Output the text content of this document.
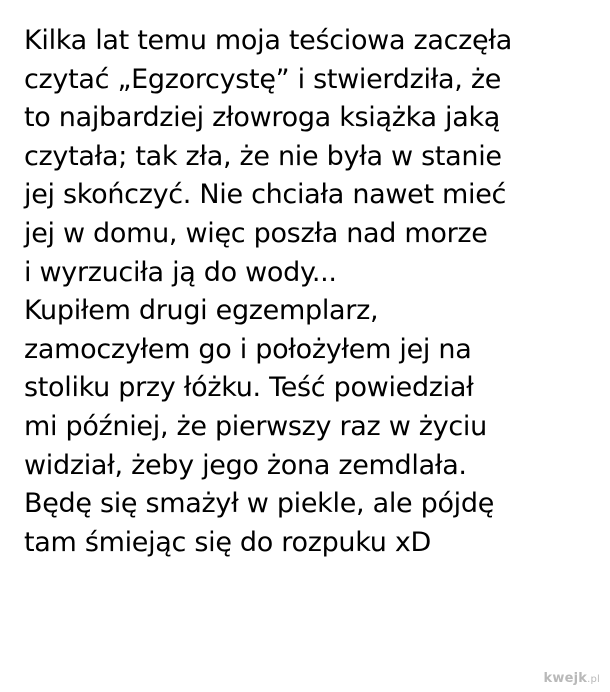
Kilka lat temu moja teściowa zaczęła
czytać „Egzorcystę” i stwierdziła, że
to najbardziej złowroga książka jaką
czytała; tak zła, że nie była w stanie
jej skończyć. Nie chciała nawet mieć
jej w domu, więc poszła nad morze
i wyrzuciła ją do wody...
Kupiłem drugi egzemplarz,
zamoczyłem go i położyłem jej na
stoliku przy łóżku. Teść powiedział
mi później, że pierwszy raz w życiu
widział, żeby jego żona zemdlała.
Będę się smażył w piekle, ale pójdę
tam śmiejąc się do rozpuku xD
kwejk.pl
